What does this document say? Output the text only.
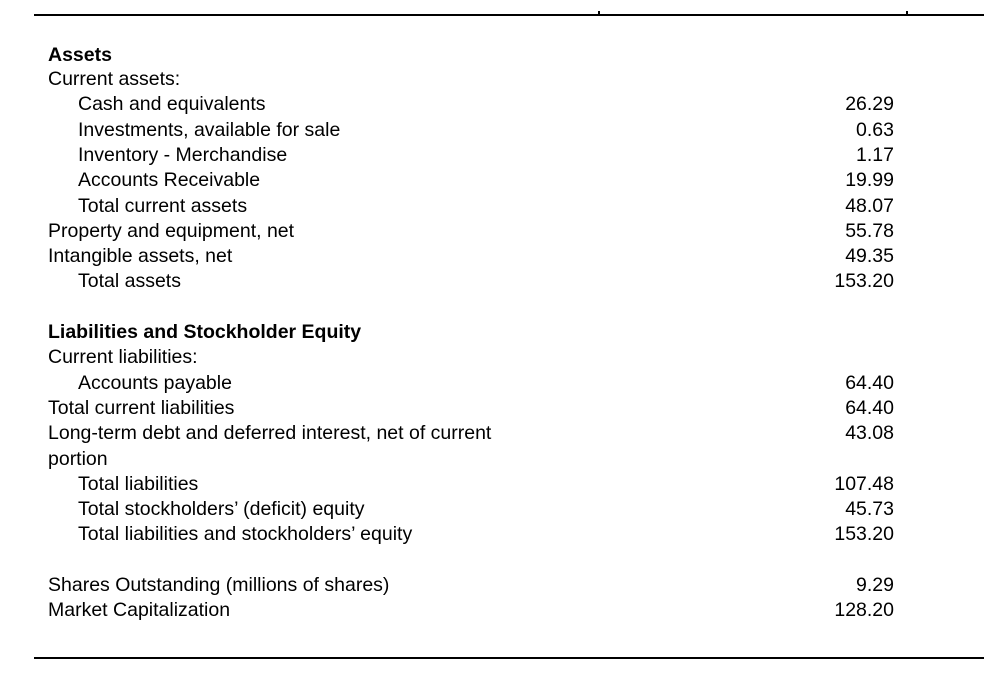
Assets
Current assets:
Cash and equivalents	26.29
Investments, available for sale	0.63
Inventory - Merchandise	1.17
Accounts Receivable	19.99
Total current assets	48.07
Property and equipment, net	55.78
Intangible assets, net	49.35
Total assets	153.20
Liabilities and Stockholder Equity
Current liabilities:
Accounts payable	64.40
Total current liabilities	64.40
Long-term debt and deferred interest, net of current	43.08
portion
Total liabilities	107.48
Total stockholders’ (deficit) equity	45.73
Total liabilities and stockholders’ equity	153.20
Shares Outstanding (millions of shares)	9.29
Market Capitalization	128.20
